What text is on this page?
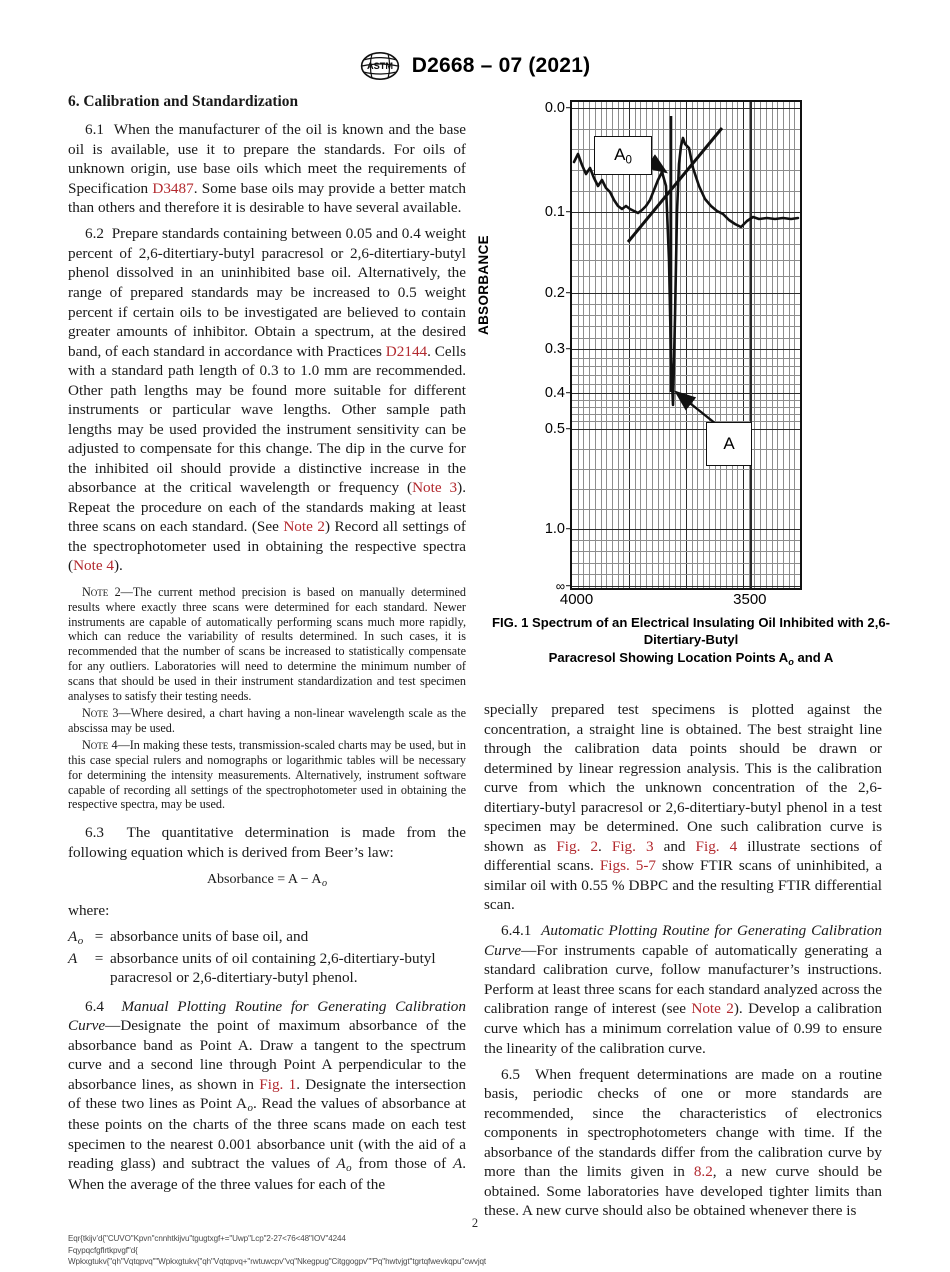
ASTM D2668 – 07 (2021)
6. Calibration and Standardization

6.1 When the manufacturer of the oil is known and the base oil is available, use it to prepare the standards. For oils of unknown origin, use base oils which meet the requirements of Specification D3487. Some base oils may provide a better match than others and therefore it is desirable to have several available.

6.2 Prepare standards containing between 0.05 and 0.4 weight percent of 2,6-ditertiary-butyl paracresol or 2,6-ditertiary-butyl phenol dissolved in an uninhibited base oil. Alternatively, the range of prepared standards may be increased to 0.5 weight percent if certain oils to be investigated are believed to contain greater amounts of inhibitor. Obtain a spectrum, at the desired band, of each standard in accordance with Practices D2144. Cells with a standard path length of 0.3 to 1.0 mm are recommended. Other path lengths may be found more suitable for different instruments or particular wave lengths. Other sample path lengths may be used provided the instrument sensitivity can be adjusted to compensate for this change. The dip in the curve for the inhibited oil should provide a distinctive increase in the absorbance at the critical wavelength or frequency (Note 3). Repeat the procedure on each of the standards making at least three scans on each standard. (See Note 2) Record all settings of the spectrophotometer used in obtaining the respective spectra (Note 4).

Note 2—The current method precision is based on manually determined results where exactly three scans were determined for each standard. Newer instruments are capable of automatically performing scans much more rapidly, which can reduce the variability of results determined. In such cases, it is recommended that the number of scans be increased to statistically compensate for any outliers. Laboratories will need to determine the minimum number of scans that should be used in their instrument standardization and test specimen analyses to satisfy their testing needs.

Note 3—Where desired, a chart having a non-linear wavelength scale as the abscissa may be used.

Note 4—In making these tests, transmission-scaled charts may be used, but in this case special rulers and nomographs or logarithmic tables will be necessary for determining the intensity measurements. Alternatively, instrument software capable of recording all settings of the spectrophotometer used in obtaining the respective spectra, may be used.

6.3 The quantitative determination is made from the following equation which is derived from Beer’s law:

Absorbance = $A - A_o$

where:

$A_o$	=	absorbance units of base oil, and
A	=	absorbance units of oil containing 2,6-ditertiary-butyl paracresol or 2,6-ditertiary-butyl phenol.

6.4 Manual Plotting Routine for Generating Calibration Curve—Designate the point of maximum absorbance of the absorbance band as Point A. Draw a tangent to the spectrum curve and a second line through Point A perpendicular to the absorbance lines, as shown in Fig. 1. Designate the intersection of these two lines as Point $A_o$. Read the values of absorbance at these points on the charts of the three scans made on each test specimen to the nearest 0.001 absorbance unit (with the aid of a reading glass) and subtract the values of $A_o$ from those of A. When the average of the three values for each of the

ABSORBANCE
$A_0$
A
0.0
0.1
0.2
0.3
0.4
0.5
1.0
∞
4000	3500
FIG. 1 Spectrum of an Electrical Insulating Oil Inhibited with 2,6-Ditertiary-Butyl
Paracresol Showing Location Points $A_o$ and A

specially prepared test specimens is plotted against the concentration, a straight line is obtained. The best straight line through the calibration data points should be drawn or determined by linear regression analysis. This is the calibration curve from which the unknown concentration of the 2,6-ditertiary-butyl paracresol or 2,6-ditertiary-butyl phenol in a test specimen may be determined. One such calibration curve is shown as Fig. 2. Fig. 3 and Fig. 4 illustrate sections of differential scans. Figs. 5-7 show FTIR scans of uninhibited, a similar oil with 0.55 % DBPC and the resulting FTIR differential scan.

6.4.1 Automatic Plotting Routine for Generating Calibration Curve—For instruments capable of automatically generating a standard calibration curve, follow manufacturer’s instructions. Perform at least three scans for each standard analyzed across the calibration range of interest (see Note 2). Develop a calibration curve which has a minimum correlation value of 0.99 to ensure the linearity of the calibration curve.

6.5 When frequent determinations are made on a routine basis, periodic checks of one or more standards are recommended, since the characteristics of electronics components in spectrophotometers change with time. If the absorbance of the standards differ from the calibration curve by more than the limits given in 8.2, a new curve should be obtained. Some laboratories have developed tighter limits than these. A new curve should also be obtained whenever there is

2
Eqr{tkijv’d{"CUVO"Kpvn"cnnhtkijvu"tgugtxgf+="Uwp"Lcp"2‑27<76<48"IOV"4244
Fqypqcfgflrtkpvgf"d{
Wpkxgtukv{"qh"Vqtqpvq""Wpkxgtukv{"qh"Vqtqpvq+"rwtuwcpv"vq"Nkegpug"Citggogpv""Pq"hwtvjgt"tgrtqfwevkqpu"cwvjqt
